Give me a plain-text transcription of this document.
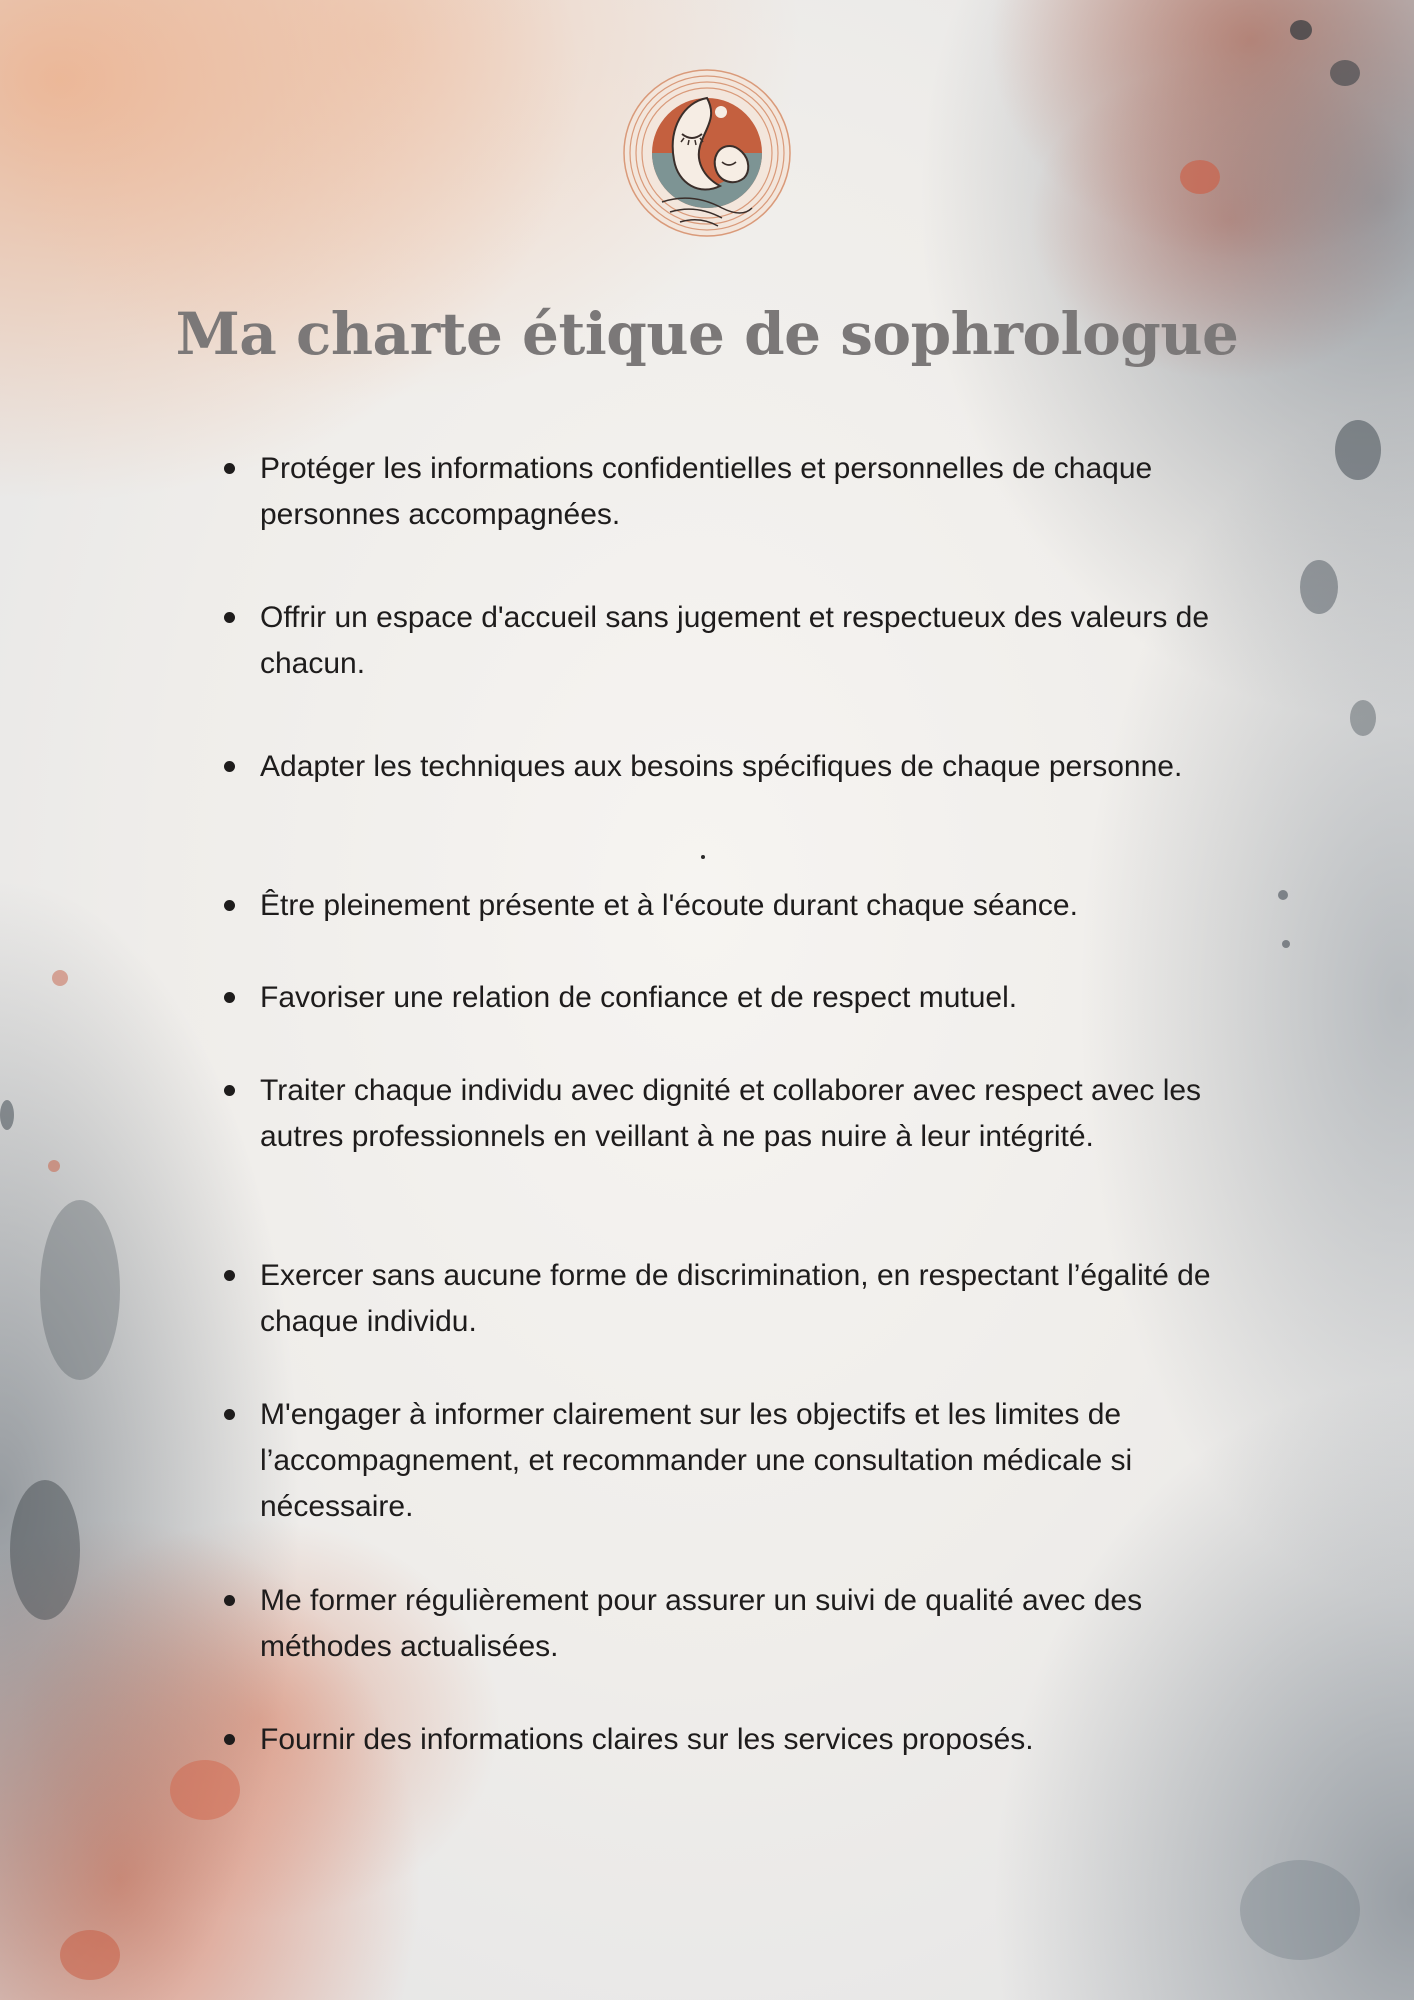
Ma charte étique de sophrologue
Protéger les informations confidentielles et personnelles de chaque personnes accompagnées.
Offrir un espace d'accueil sans jugement et respectueux des valeurs de chacun.
Adapter les techniques aux besoins spécifiques de chaque personne.
Être pleinement présente et à l'écoute durant chaque séance.
Favoriser une relation de confiance et de respect mutuel.
Traiter chaque individu avec dignité et collaborer avec respect avec les autres professionnels en veillant à ne pas nuire à leur intégrité.
Exercer sans aucune forme de discrimination, en respectant l’égalité de chaque individu.
M'engager à informer clairement sur les objectifs et les limites de l’accompagnement, et recommander une consultation médicale si nécessaire.
Me former régulièrement pour assurer un suivi de qualité avec des méthodes actualisées.
Fournir des informations claires sur les services proposés.
